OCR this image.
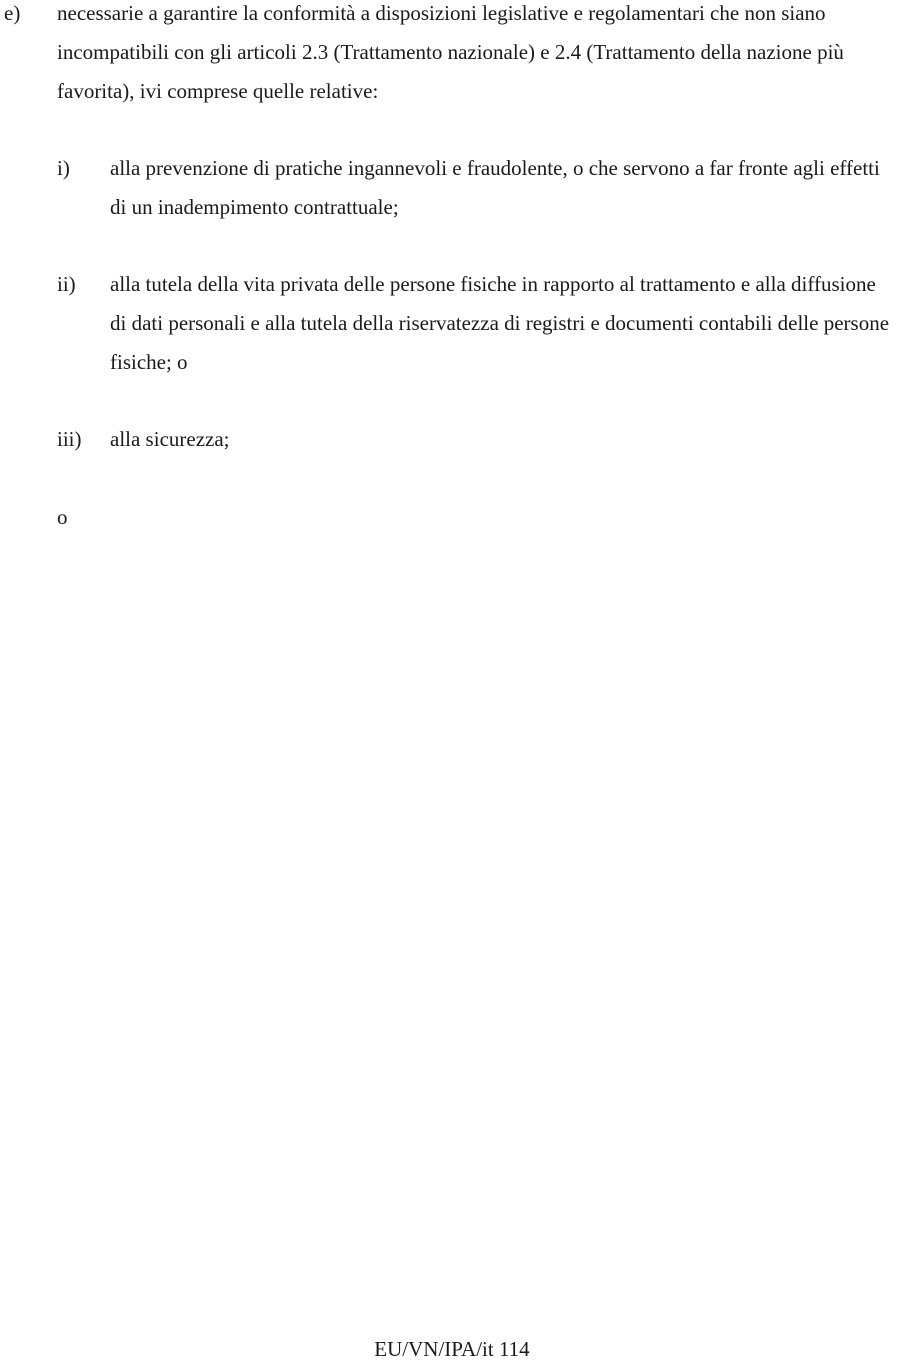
e) necessarie a garantire la conformità a disposizioni legislative e regolamentari che non siano incompatibili con gli articoli 2.3 (Trattamento nazionale) e 2.4 (Trattamento della nazione più favorita), ivi comprese quelle relative:
i) alla prevenzione di pratiche ingannevoli e fraudolente, o che servono a far fronte agli effetti di un inadempimento contrattuale;
ii) alla tutela della vita privata delle persone fisiche in rapporto al trattamento e alla diffusione di dati personali e alla tutela della riservatezza di registri e documenti contabili delle persone fisiche; o
iii) alla sicurezza;
o
EU/VN/IPA/it 114
